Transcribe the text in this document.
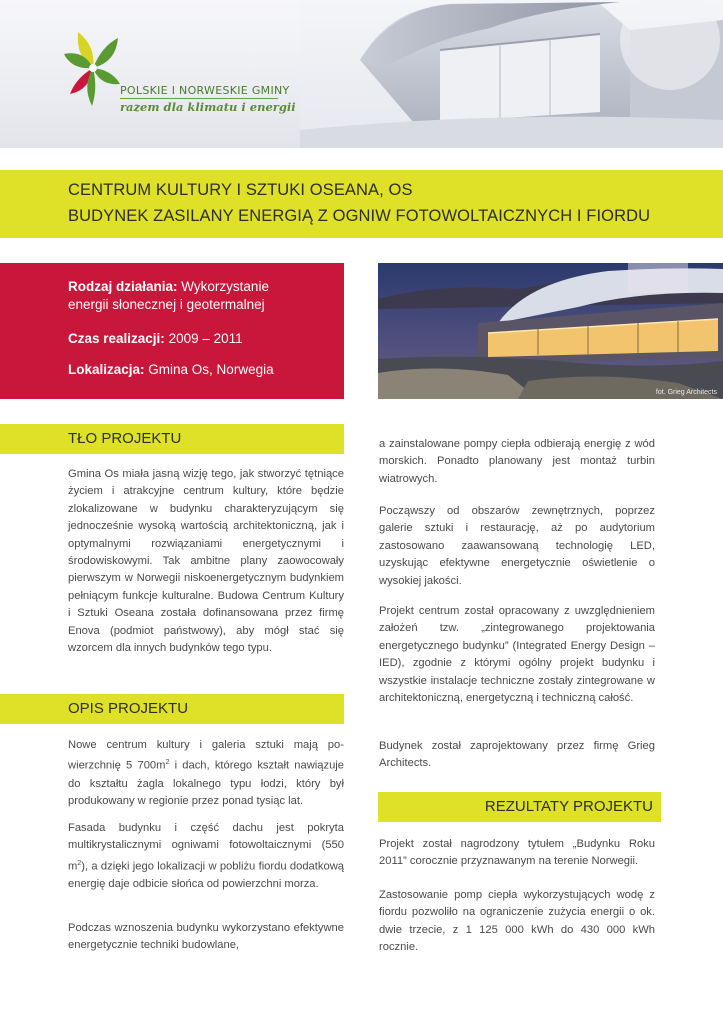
POLSKIE I NORWESKIE GMINY
razem dla klimatu i energii
CENTRUM KULTURY I SZTUKI OSEANA, OS
BUDYNEK ZASILANY ENERGIĄ Z OGNIW FOTOWOLTAICZNYCH I FIORDU
Rodzaj działania: Wykorzystanie
energii słonecznej i geotermalnej
Czas realizacji: 2009 – 2011
Lokalizacja: Gmina Os, Norwegia
fot. Grieg Architects
TŁO PROJEKTU
Gmina Os miała jasną wizję tego, jak stworzyć tętniące życiem i atrakcyjne centrum kultury, które będzie zlokalizowane w budynku charakteryzującym się jednocześnie wysoką wartością architektoniczną, jak i optymalnymi rozwiązaniami energetycznymi i środowiskowymi. Tak ambitne plany zaowocowały pierwszym w Norwegii niskoenergetycznym budynkiem pełniącym funkcje kulturalne. Budowa Centrum Kultury i Sztuki Oseana została dofinansowana przez firmę Enova (podmiot państwowy), aby mógł stać się wzorcem dla innych budynków tego typu.
OPIS PROJEKTU
Nowe centrum kultury i galeria sztuki mają powierzchnię 5 $700m^2$ i dach, którego kształt nawiązuje do kształtu żagla lokalnego typu łodzi, który był produkowany w regionie przez ponad tysiąc lat.
Fasada budynku i część dachu jest pokryta multikrystalicznymi ogniwami fotowoltaicznymi (550 $m^2$), a dzięki jego lokalizacji w pobliżu fiordu dodatkową energię daje odbicie słońca od powierzchni morza.
Podczas wznoszenia budynku wykorzystano efektywne energetycznie techniki budowlane,
a zainstalowane pompy ciepła odbierają energię z wód morskich. Ponadto planowany jest montaż turbin wiatrowych.
Począwszy od obszarów zewnętrznych, poprzez galerie sztuki i restaurację, aż po audytorium zastosowano zaawansowaną technologię LED, uzyskując efektywne energetycznie oświetlenie o wysokiej jakości.
Projekt centrum został opracowany z uwzględnieniem założeń tzw. „zintegrowanego projektowania energetycznego budynku” (Integrated Energy Design – IED), zgodnie z którymi ogólny projekt budynku i wszystkie instalacje techniczne zostały zintegrowane w architektoniczną, energetyczną i techniczną całość.
Budynek został zaprojektowany przez firmę Grieg Architects.
REZULTATY PROJEKTU
Projekt został nagrodzony tytułem „Budynku Roku 2011” corocznie przyznawanym na terenie Norwegii.
Zastosowanie pomp ciepła wykorzystujących wodę z fiordu pozwoliło na ograniczenie zużycia energii o ok. dwie trzecie, z 1 125 000 kWh do 430 000 kWh rocznie.
